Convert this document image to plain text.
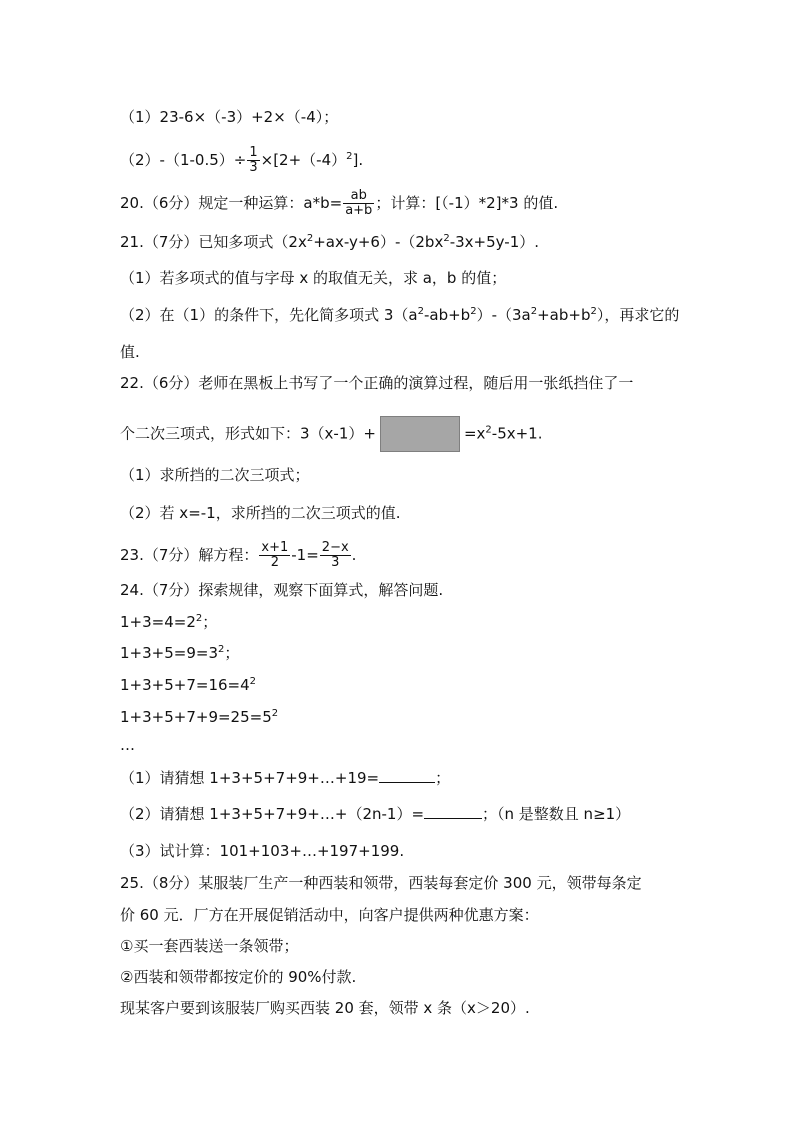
（1）23-6×（-3）+2×（-4）；
$(2)-(1-0.5)\div \frac{1}{3} \times[2+(-4)^2]$.
20.（6分）规定一种运算：$a*b= \frac{ab}{a+b}$ ；计算：[（-1）*2]*3 的值.
21.（7分）已知多项式$(2x^2+ax-y+6)-(2bx^2-3x+5y-1)$.
（1）若多项式的值与字母 x 的取值无关，求 a，b 的值；
（2）在（1）的条件下，先化简多项式 $3(a^2-ab+b^2)-(3a^2+ab+b^2)$，再求它的
值.
22.（6分）老师在黑板上书写了一个正确的演算过程，随后用一张纸挡住了一
个二次三项式，形式如下：3（x-1）+	$=x^2-5x+1$.
（1）求所挡的二次三项式；
（2）若 x=-1，求所挡的二次三项式的值.
23.（7分）解方程： $\frac{x+1}{2} -1= \frac{2-x}{3}$ .
24.（7分）探索规律，观察下面算式，解答问题.
$1+3=4=2^2$；
$1+3+5=9=3^2$；
$1+3+5+7=16=4^2$
$1+3+5+7+9=25=5^2$
…
（1）请猜想 1+3+5+7+9+…+19=	；
（2）请猜想 1+3+5+7+9+…+（2n-1）=	；（n 是整数且 n≥1）
（3）试计算：101+103+…+197+199.
25.（8分）某服装厂生产一种西装和领带，西装每套定价 300 元，领带每条定
价 60 元．厂方在开展促销活动中，向客户提供两种优惠方案：
①买一套西装送一条领带；
②西装和领带都按定价的 90%付款.
现某客户要到该服装厂购买西装 20 套，领带 x 条（x＞20）.
